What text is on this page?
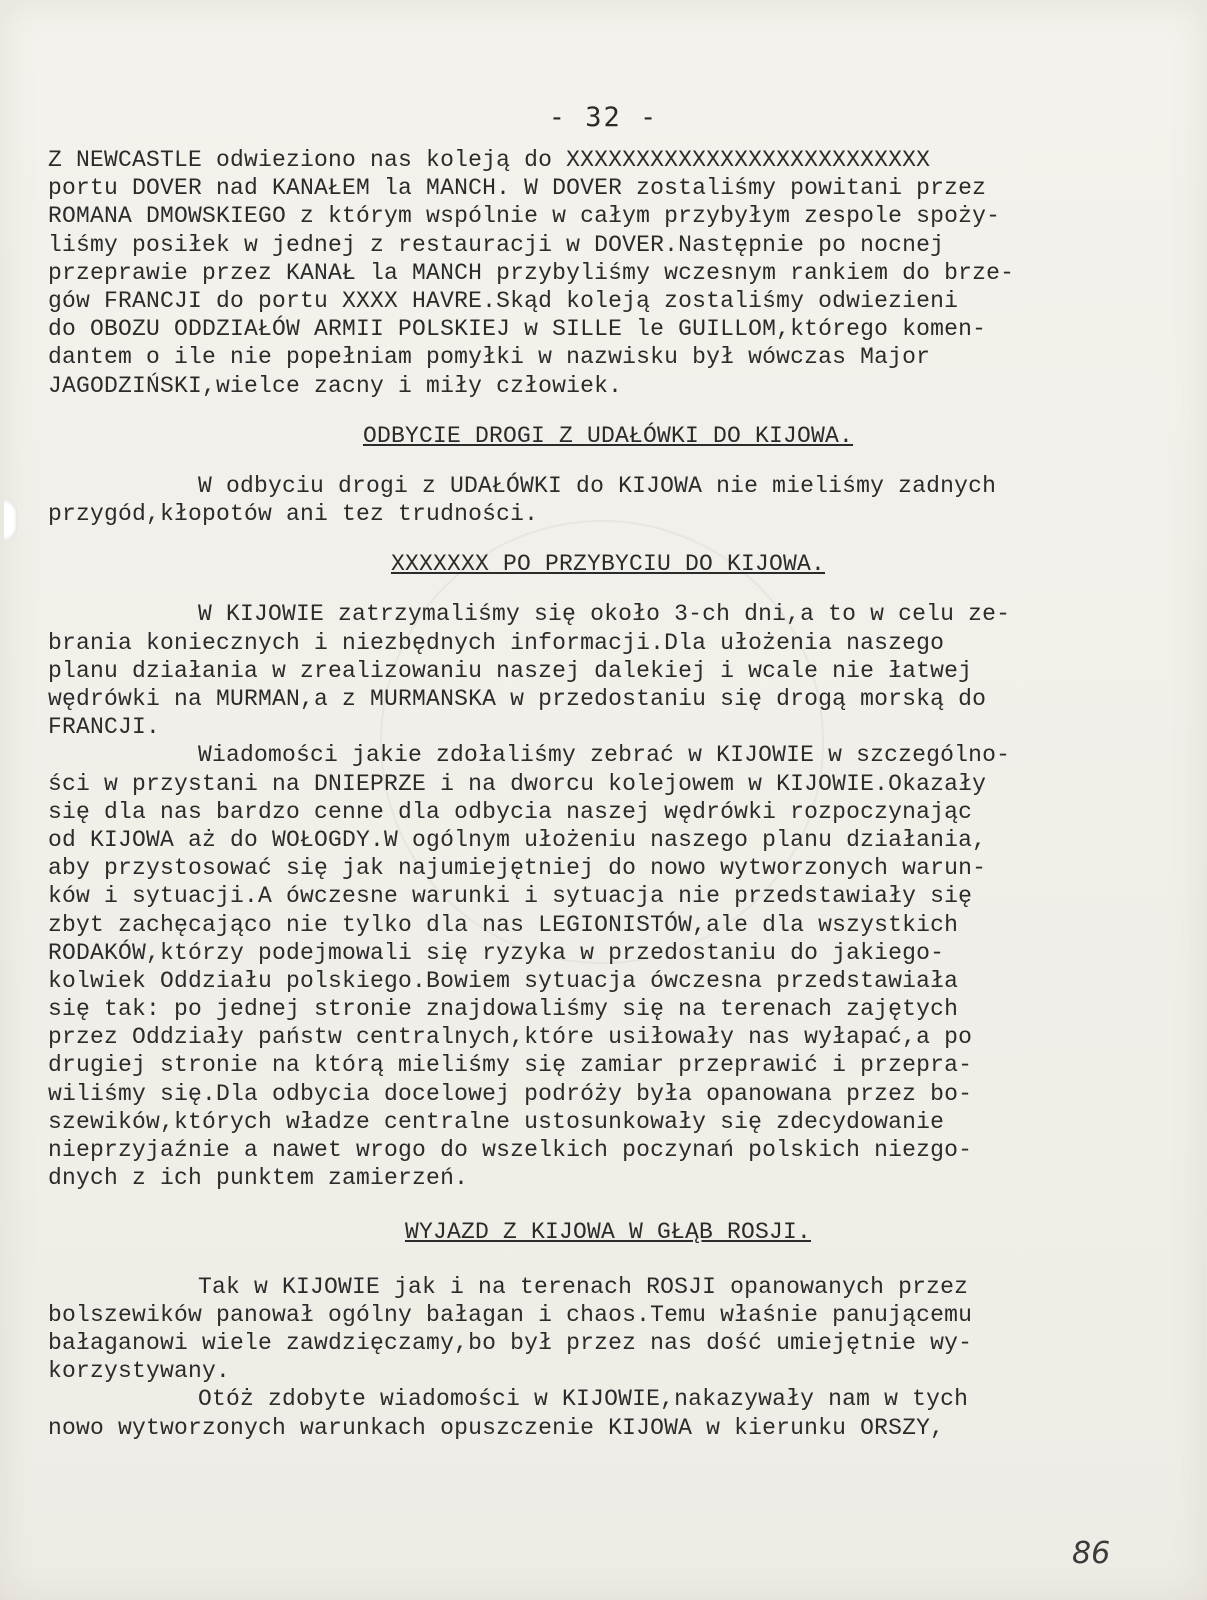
- 32 -
Z NEWCASTLE odwieziono nas koleją do XXXXXXXXXXXXXXXXXXXXXXXXXX
portu DOVER nad KANAŁEM la MANCH. W DOVER zostaliśmy powitani przez
ROMANA DMOWSKIEGO z którym wspólnie w całym przybyłym zespole spoży-
liśmy posiłek w jednej z restauracji w DOVER.Następnie po nocnej
przeprawie przez KANAŁ la MANCH przybyliśmy wczesnym rankiem do brze-
gów FRANCJI do portu XXXX HAVRE.Skąd koleją zostaliśmy odwiezieni
do OBOZU ODDZIAŁÓW ARMII POLSKIEJ w SILLE le GUILLOM,którego komen-
dantem o ile nie popełniam pomyłki w nazwisku był wówczas Major
JAGODZIŃSKI,wielce zacny i miły człowiek.
ODBYCIE DROGI Z UDAŁÓWKI DO KIJOWA.
W odbyciu drogi z UDAŁÓWKI do KIJOWA nie mieliśmy zadnych
przygód,kłopotów ani tez trudności.
XXXXXXX PO PRZYBYCIU DO KIJOWA.
W KIJOWIE zatrzymaliśmy się około 3-ch dni,a to w celu ze-
brania koniecznych i niezbędnych informacji.Dla ułożenia naszego
planu działania w zrealizowaniu naszej dalekiej i wcale nie łatwej
wędrówki na MURMAN,a z MURMANSKA w przedostaniu się drogą morską do
FRANCJI.
Wiadomości jakie zdołaliśmy zebrać w KIJOWIE w szczególno-
ści w przystani na DNIEPRZE i na dworcu kolejowem w KIJOWIE.Okazały
się dla nas bardzo cenne dla odbycia naszej wędrówki rozpoczynając
od KIJOWA aż do WOŁOGDY.W ogólnym ułożeniu naszego planu działania,
aby przystosować się jak najumiejętniej do nowo wytworzonych warun-
ków i sytuacji.A ówczesne warunki i sytuacja nie przedstawiały się
zbyt zachęcająco nie tylko dla nas LEGIONISTÓW,ale dla wszystkich
RODAKÓW,którzy podejmowali się ryzyka w przedostaniu do jakiego-
kolwiek Oddziału polskiego.Bowiem sytuacja ówczesna przedstawiała
się tak: po jednej stronie znajdowaliśmy się na terenach zajętych
przez Oddziały państw centralnych,które usiłowały nas wyłapać,a po
drugiej stronie na którą mieliśmy się zamiar przeprawić i przepra-
wiliśmy się.Dla odbycia docelowej podróży była opanowana przez bo-
szewików,których władze centralne ustosunkowały się zdecydowanie
nieprzyjaźnie a nawet wrogo do wszelkich poczynań polskich niezgo-
dnych z ich punktem zamierzeń.
WYJAZD Z KIJOWA W GŁĄB ROSJI.
Tak w KIJOWIE jak i na terenach ROSJI opanowanych przez
bolszewików panował ogólny bałagan i chaos.Temu właśnie panującemu
bałaganowi wiele zawdzięczamy,bo był przez nas dość umiejętnie wy-
korzystywany.
Otóż zdobyte wiadomości w KIJOWIE,nakazywały nam w tych
nowo wytworzonych warunkach opuszczenie KIJOWA w kierunku ORSZY,
86
